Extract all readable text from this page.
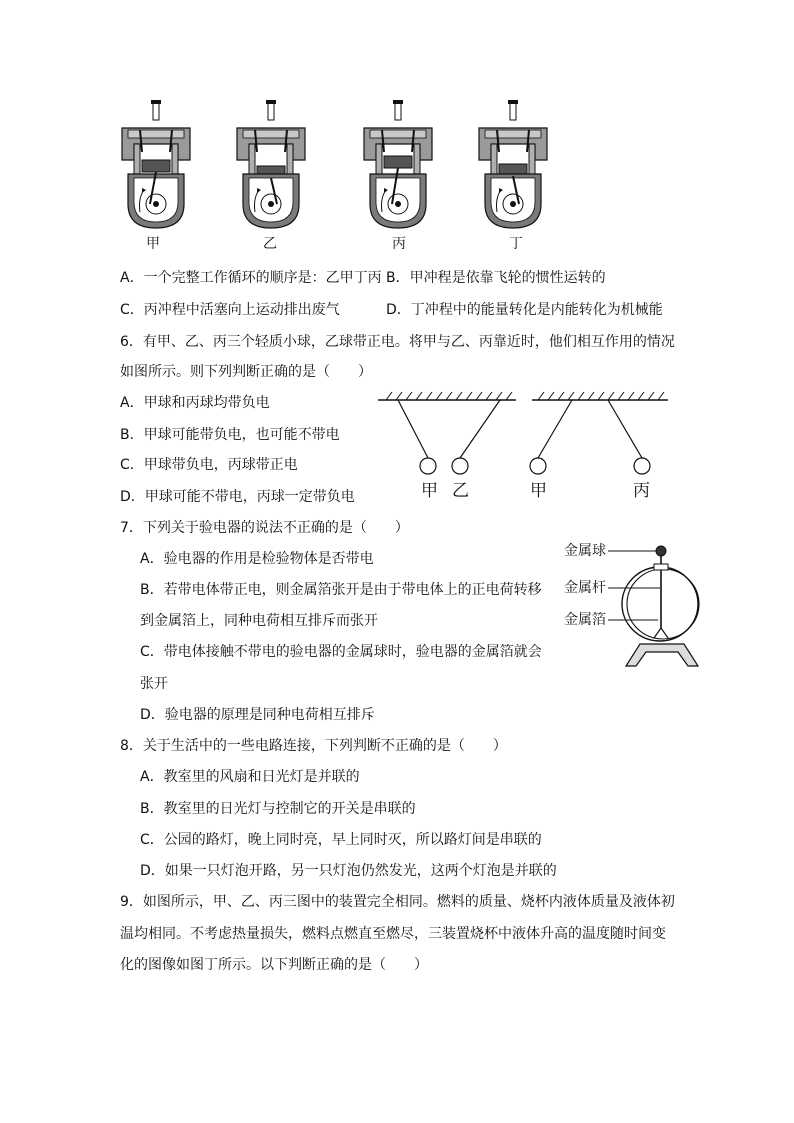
甲	乙	丙	丁
A．一个完整工作循环的顺序是：乙甲丁丙 B．甲冲程是依靠飞轮的惯性运转的
C．丙冲程中活塞向上运动排出废气	D．丁冲程中的能量转化是内能转化为机械能
6．有甲、乙、丙三个轻质小球，乙球带正电。将甲与乙、丙靠近时，他们相互作用的情况
如图所示。则下列判断正确的是（　　）
A．甲球和丙球均带负电
B．甲球可能带负电，也可能不带电
C．甲球带负电，丙球带正电
D．甲球可能不带电，丙球一定带负电	甲 乙	甲	丙
7．下列关于验电器的说法不正确的是（　　）
A．验电器的作用是检验物体是否带电
B．若带电体带正电，则金属箔张开是由于带电体上的正电荷转移
到金属箔上，同种电荷相互排斥而张开
C．带电体接触不带电的验电器的金属球时，验电器的金属箔就会
张开
D．验电器的原理是同种电荷相互排斥
金属球
金属杆
金属箔
8．关于生活中的一些电路连接，下列判断不正确的是（　　）
A．教室里的风扇和日光灯是并联的
B．教室里的日光灯与控制它的开关是串联的
C．公园的路灯，晚上同时亮，早上同时灭，所以路灯间是串联的
D．如果一只灯泡开路，另一只灯泡仍然发光，这两个灯泡是并联的
9．如图所示，甲、乙、丙三图中的装置完全相同。燃料的质量、烧杯内液体质量及液体初
温均相同。不考虑热量损失，燃料点燃直至燃尽，三装置烧杯中液体升高的温度随时间变
化的图像如图丁所示。以下判断正确的是（　　）
